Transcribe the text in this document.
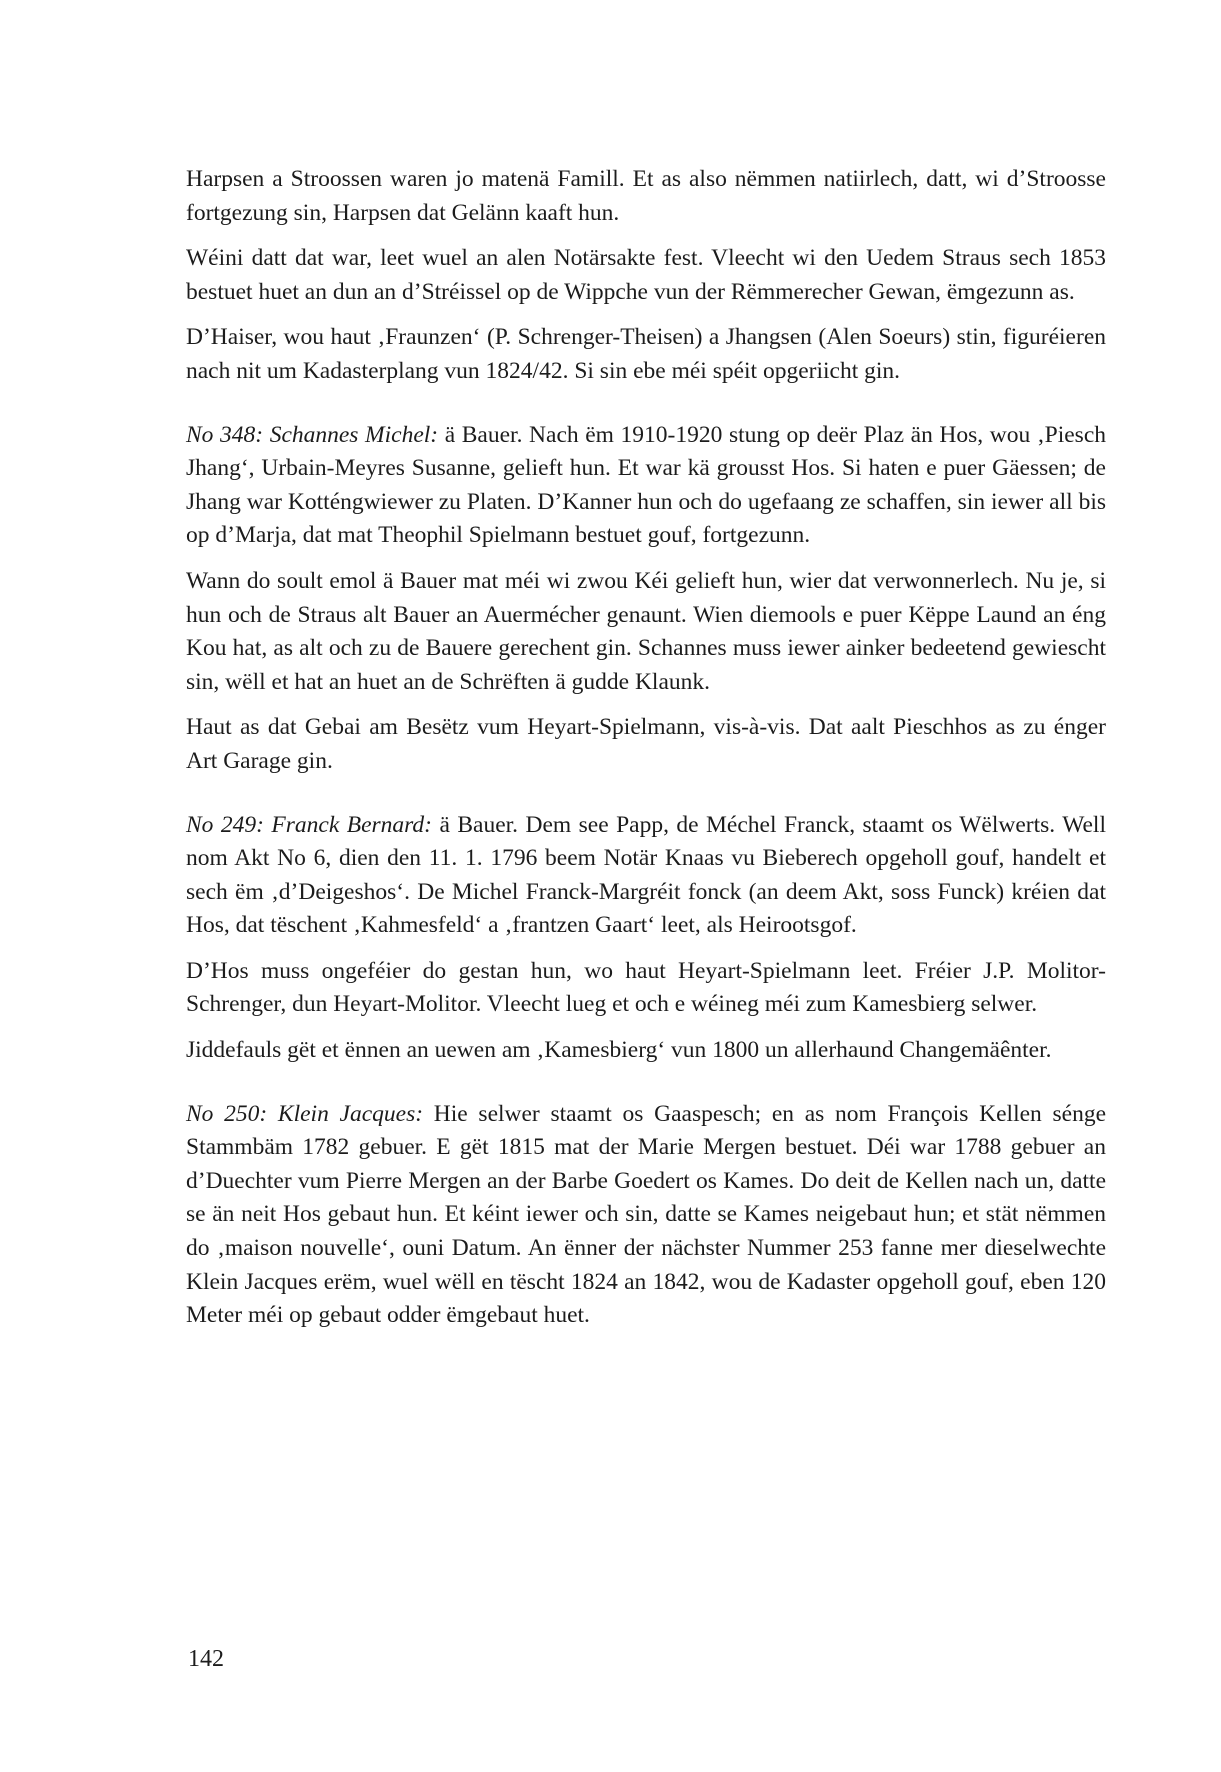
Harpsen a Stroossen waren jo matenä Famill. Et as also nëmmen natiirlech, datt, wi d’Stroosse fortgezung sin, Harpsen dat Gelänn kaaft hun.

Wéini datt dat war, leet wuel an alen Notärsakte fest. Vleecht wi den Uedem Straus sech 1853 bestuet huet an dun an d’Stréissel op de Wippche vun der Rëmmerecher Gewan, ëmgezunn as.

D’Haiser, wou haut ‚Fraunzen‘ (P. Schrenger-Theisen) a Jhangsen (Alen Soeurs) stin, figuréieren nach nit um Kadasterplang vun 1824/42. Si sin ebe méi spéit opgeriicht gin.

No 348: Schannes Michel: ä Bauer. Nach ëm 1910-1920 stung op deër Plaz än Hos, wou ‚Piesch Jhang‘, Urbain-Meyres Susanne, gelieft hun. Et war kä grousst Hos. Si haten e puer Gäessen; de Jhang war Kotténgwiewer zu Platen. D’Kanner hun och do ugefaang ze schaffen, sin iewer all bis op d’Marja, dat mat Theophil Spielmann bestuet gouf, fortgezunn.

Wann do soult emol ä Bauer mat méi wi zwou Kéi gelieft hun, wier dat verwonnerlech. Nu je, si hun och de Straus alt Bauer an Auermécher genaunt. Wien diemools e puer Këppe Laund an éng Kou hat, as alt och zu de Bauere gerechent gin. Schannes muss iewer ainker bedeetend gewiescht sin, wëll et hat an huet an de Schrëften ä gudde Klaunk.

Haut as dat Gebai am Besëtz vum Heyart-Spielmann, vis-à-vis. Dat aalt Pieschhos as zu énger Art Garage gin.

No 249: Franck Bernard: ä Bauer. Dem see Papp, de Méchel Franck, staamt os Wëlwerts. Well nom Akt No 6, dien den 11. 1. 1796 beem Notär Knaas vu Bieberech opgeholl gouf, handelt et sech ëm ‚d’Deigeshos‘. De Michel Franck-Margréit fonck (an deem Akt, soss Funck) kréien dat Hos, dat tëschent ‚Kahmesfeld‘ a ‚frantzen Gaart‘ leet, als Heirootsgof.

D’Hos muss ongeféier do gestan hun, wo haut Heyart-Spielmann leet. Fréier J.P. Molitor-Schrenger, dun Heyart-Molitor. Vleecht lueg et och e wéineg méi zum Kamesbierg selwer.

Jiddefauls gët et ënnen an uewen am ‚Kamesbierg‘ vun 1800 un allerhaund Changemäênter.

No 250: Klein Jacques: Hie selwer staamt os Gaaspesch; en as nom François Kellen sénge Stammbäm 1782 gebuer. E gët 1815 mat der Marie Mergen bestuet. Déi war 1788 gebuer an d’Duechter vum Pierre Mergen an der Barbe Goedert os Kames. Do deit de Kellen nach un, datte se än neit Hos gebaut hun. Et kéint iewer och sin, datte se Kames neigebaut hun; et stät nëmmen do ‚maison nouvelle‘, ouni Datum. An ënner der nächster Nummer 253 fanne mer dieselwechte Klein Jacques erëm, wuel wëll en tëscht 1824 an 1842, wou de Kadaster opgeholl gouf, eben 120 Meter méi op gebaut odder ëmgebaut huet.

142
